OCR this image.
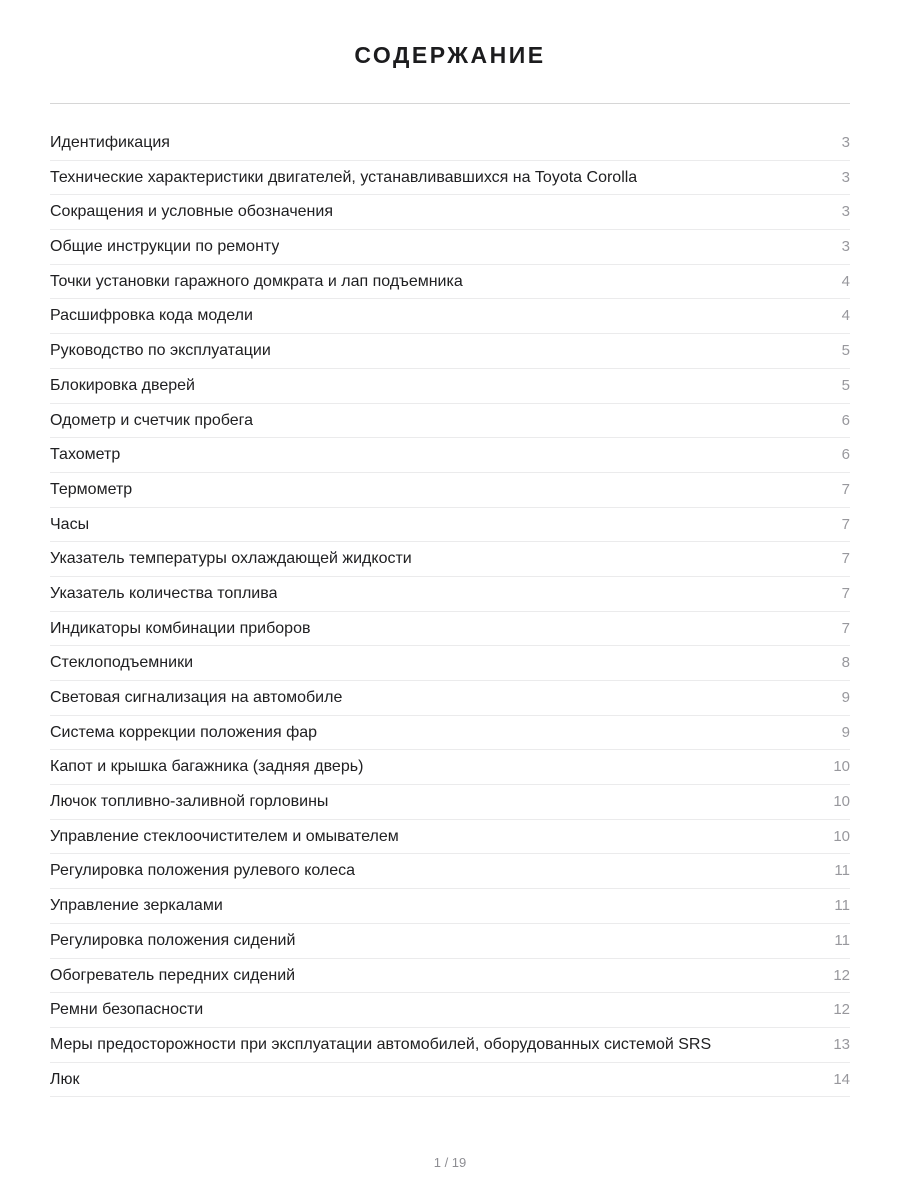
СОДЕРЖАНИЕ
Идентификация	3
Технические характеристики двигателей, устанавливавшихся на Toyota Corolla	3
Сокращения и условные обозначения	3
Общие инструкции по ремонту	3
Точки установки гаражного домкрата и лап подъемника	4
Расшифровка кода модели	4
Руководство по эксплуатации	5
Блокировка дверей	5
Одометр и счетчик пробега	6
Тахометр	6
Термометр	7
Часы	7
Указатель температуры охлаждающей жидкости	7
Указатель количества топлива	7
Индикаторы комбинации приборов	7
Стеклоподъемники	8
Световая сигнализация на автомобиле	9
Система коррекции положения фар	9
Капот и крышка багажника (задняя дверь)	10
Лючок топливно-заливной горловины	10
Управление стеклоочистителем и омывателем	10
Регулировка положения рулевого колеса	11
Управление зеркалами	11
Регулировка положения сидений	11
Обогреватель передних сидений	12
Ремни безопасности	12
Меры предосторожности при эксплуатации автомобилей, оборудованных системой SRS	13
Люк	14
1 / 19
